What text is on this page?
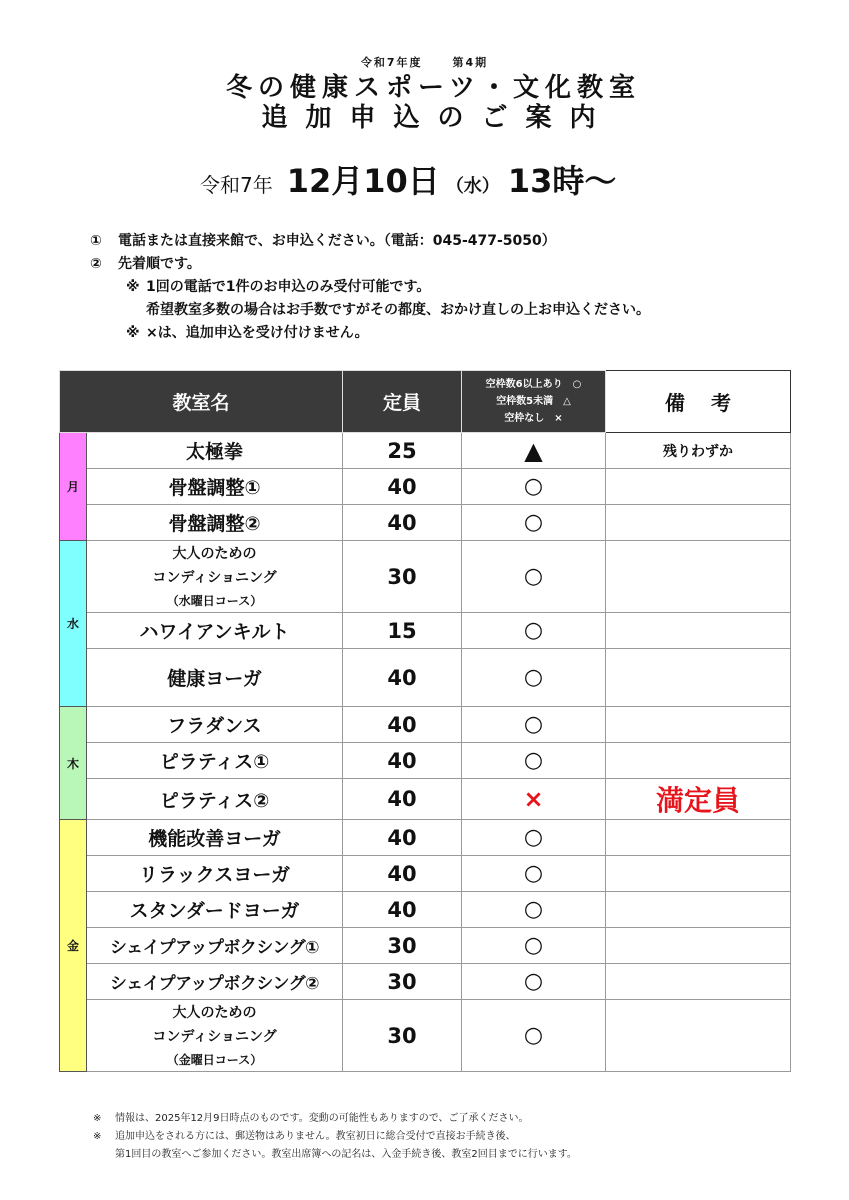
令和7年度	第4期
冬の健康スポーツ・文化教室
追加申込のご案内
令和7年 12月10日 （水） 13時〜
①	電話または直接来館で、お申込ください。（電話：045-477-5050）
②	先着順です。
※ 1回の電話で1件のお申込のみ受付可能です。
希望教室多数の場合はお手数ですがその都度、おかけ直しの上お申込ください。
※ ×は、追加申込を受け付けません。
教室名		定員	空枠数6以上あり　○
空枠数5未満　△
空枠なし　×	備考
月	太極拳	25	▲	残りわずか
	骨盤調整①	40	○	
	骨盤調整②	40	○	
水	大人のための
コンディショニング
（水曜日コース）	30	○	
	ハワイアンキルト	15	○	
	健康ヨーガ	40	○	
木	フラダンス	40	○	
	ピラティス①	40	○	
	ピラティス②	40	×	満定員
金	機能改善ヨーガ	40	○	
	リラックスヨーガ	40	○	
	スタンダードヨーガ	40	○	
	シェイプアップボクシング①	30	○	
	シェイプアップボクシング②	30	○	

	大人のための
コンディショニング
（金曜日コース）	30	○	
※	情報は、2025年12月9日時点のものです。変動の可能性もありますので、ご了承ください。
※	追加申込をされる方には、郵送物はありません。教室初日に総合受付で直接お手続き後、
第1回目の教室へご参加ください。教室出席簿への記名は、入金手続き後、教室2回目までに行います。
